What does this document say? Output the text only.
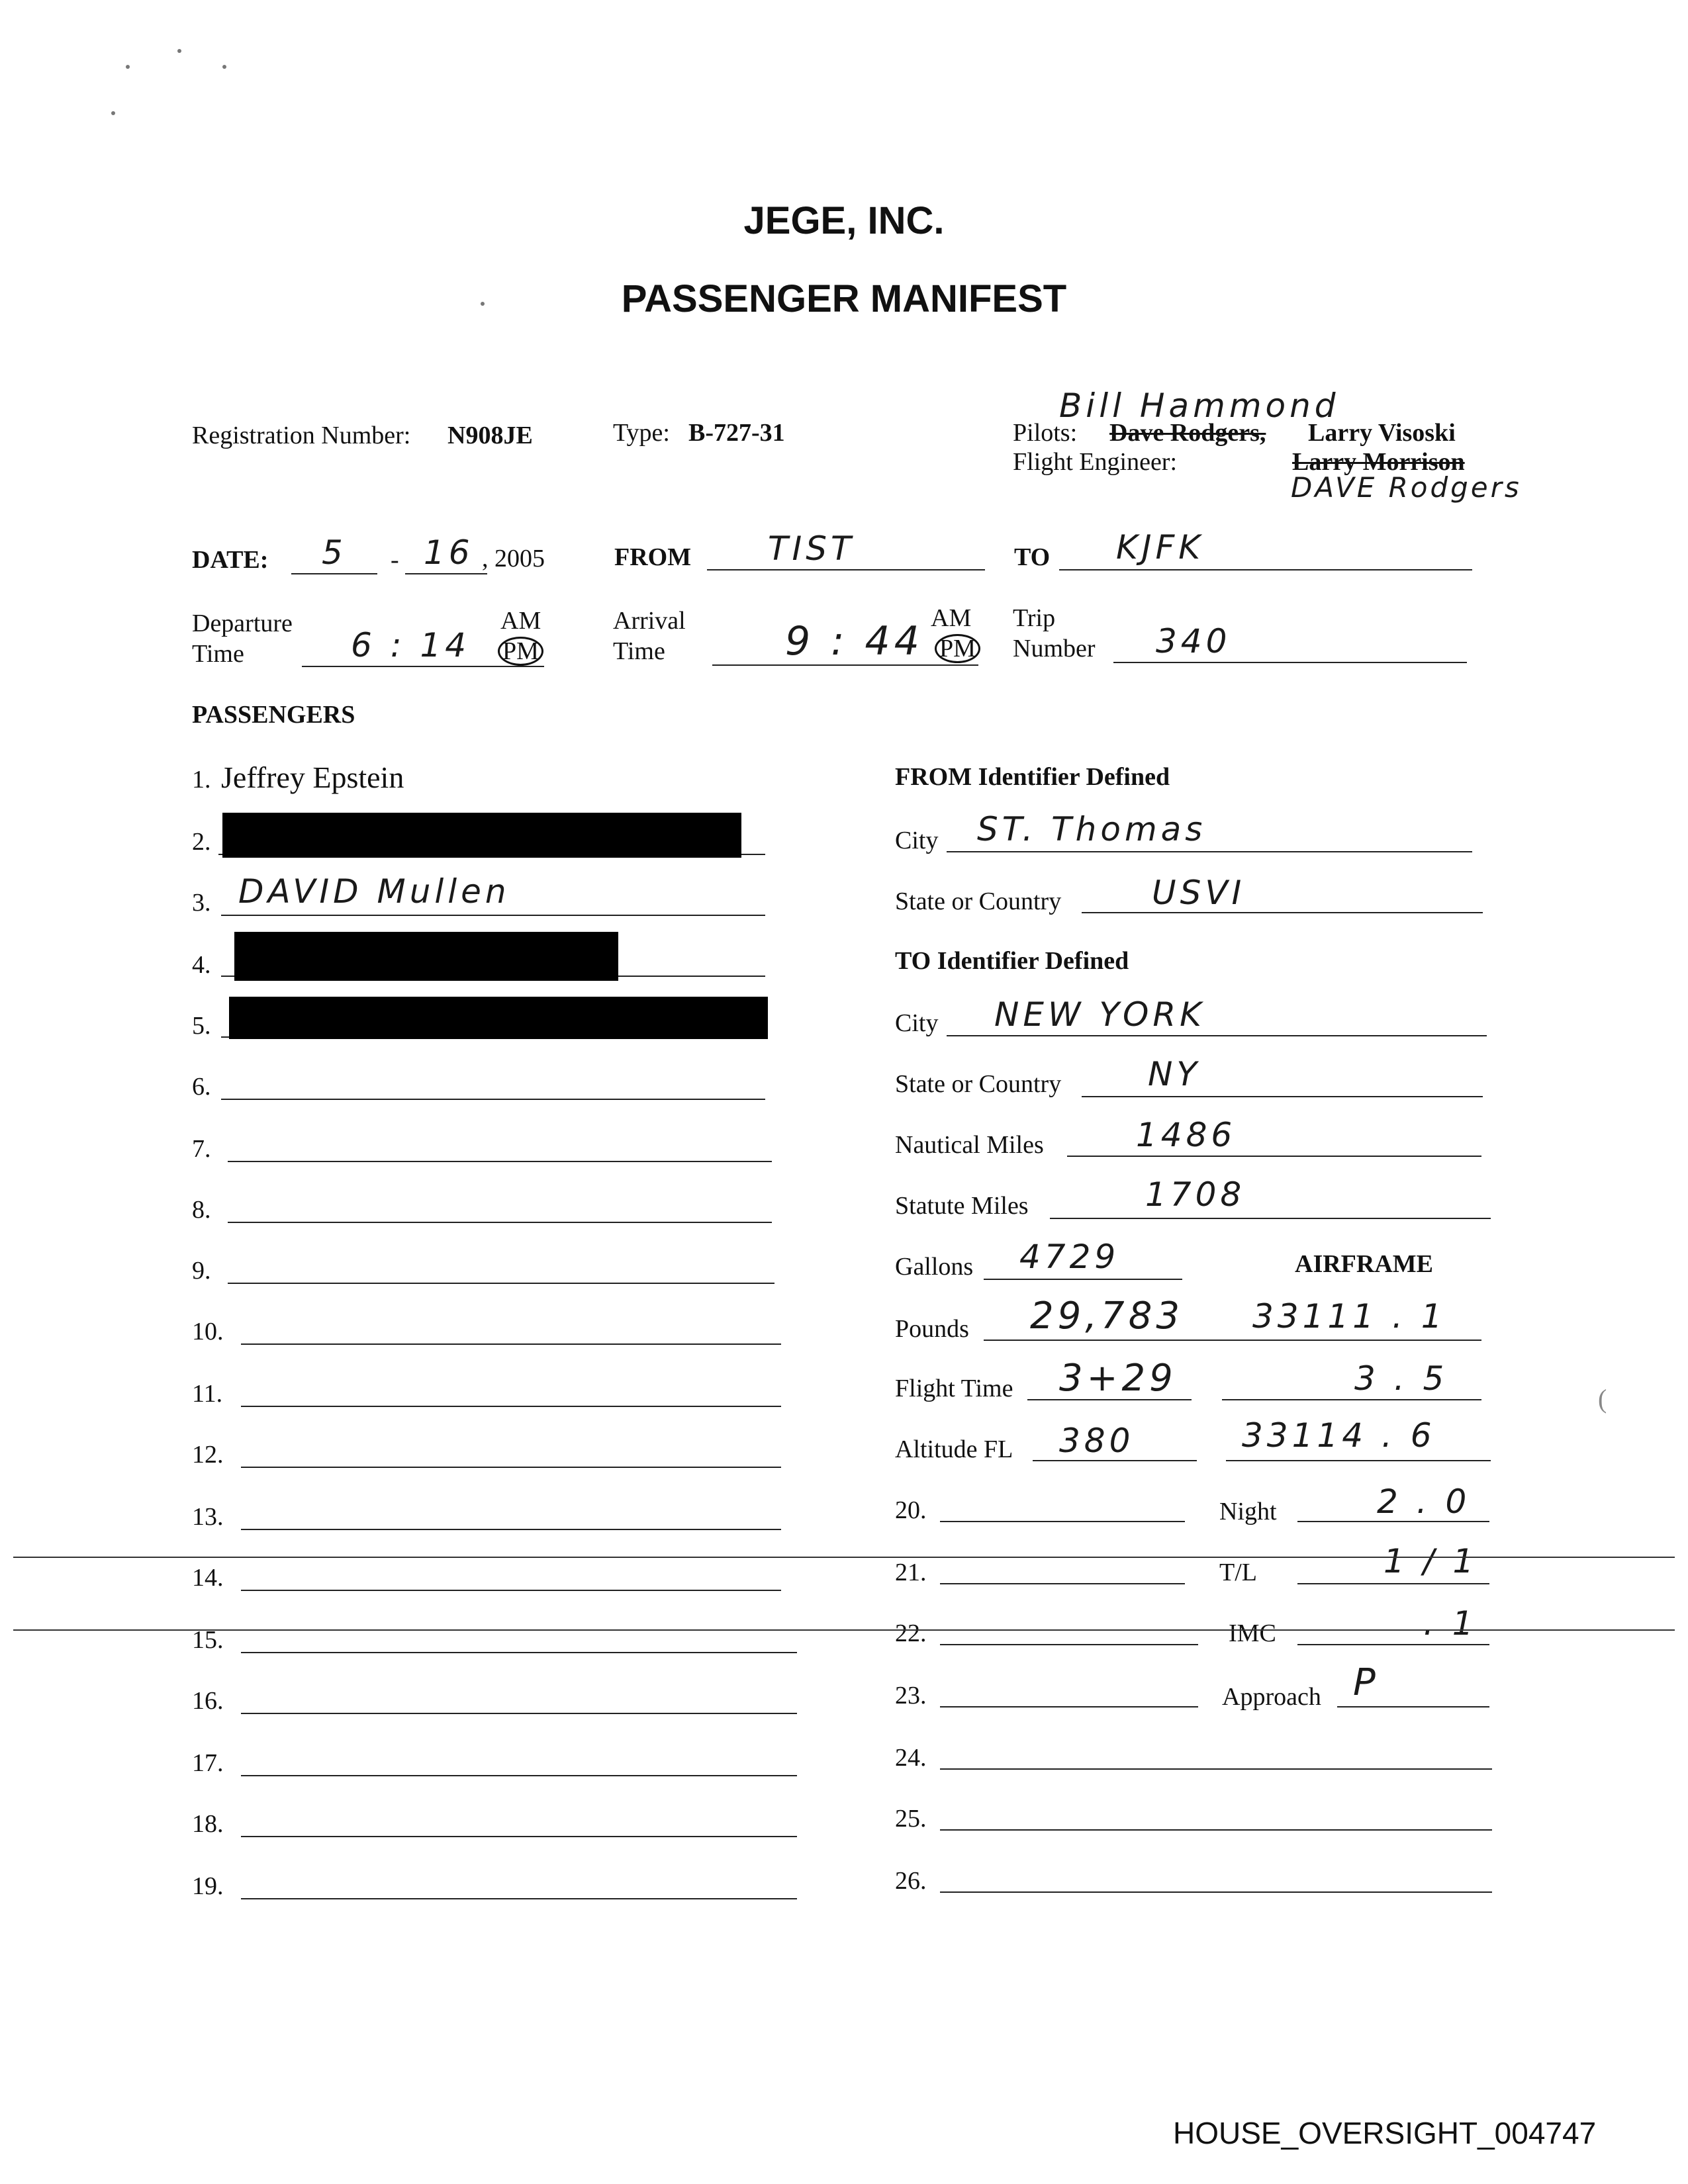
JEGE, INC.
PASSENGER MANIFEST
Registration Number: N908JE	Type: B-727-31
Bill Hammond
Pilots: Dave Rodgers, Larry Visoski
Flight Engineer:	Larry Morrison
DAVE Rodgers
DATE: 5 - 16 , 2005	FROM TIST	TO KJFK
Departure
Time
AM
6 : 14 PM
Arrival
Time
AM
9 : 44 PM
Trip
Number 340
PASSENGERS
1. Jeffrey Epstein
2.
3. DAVID Mullen
4.
5.
6.
7.
8.
9.
10.
11.
12.
13.
14.
15.
16.
17.
18.
19.
FROM Identifier Defined
City ST. Thomas
State or Country	USVI
TO Identifier Defined
City NEW YORK
State or Country	NY
Nautical Miles	1486
Statute Miles	1708
Gallons 4729	AIRFRAME
Pounds 29,783 33111 . 1
Flight Time 3+29	3 . 5
Altitude FL 380	33114 . 6
20.	Night	2 . 0
21.	T/L	1 / 1
22.	IMC	. 1
23.	Approach P
24.
25.
26.
(
HOUSE_OVERSIGHT_004747
